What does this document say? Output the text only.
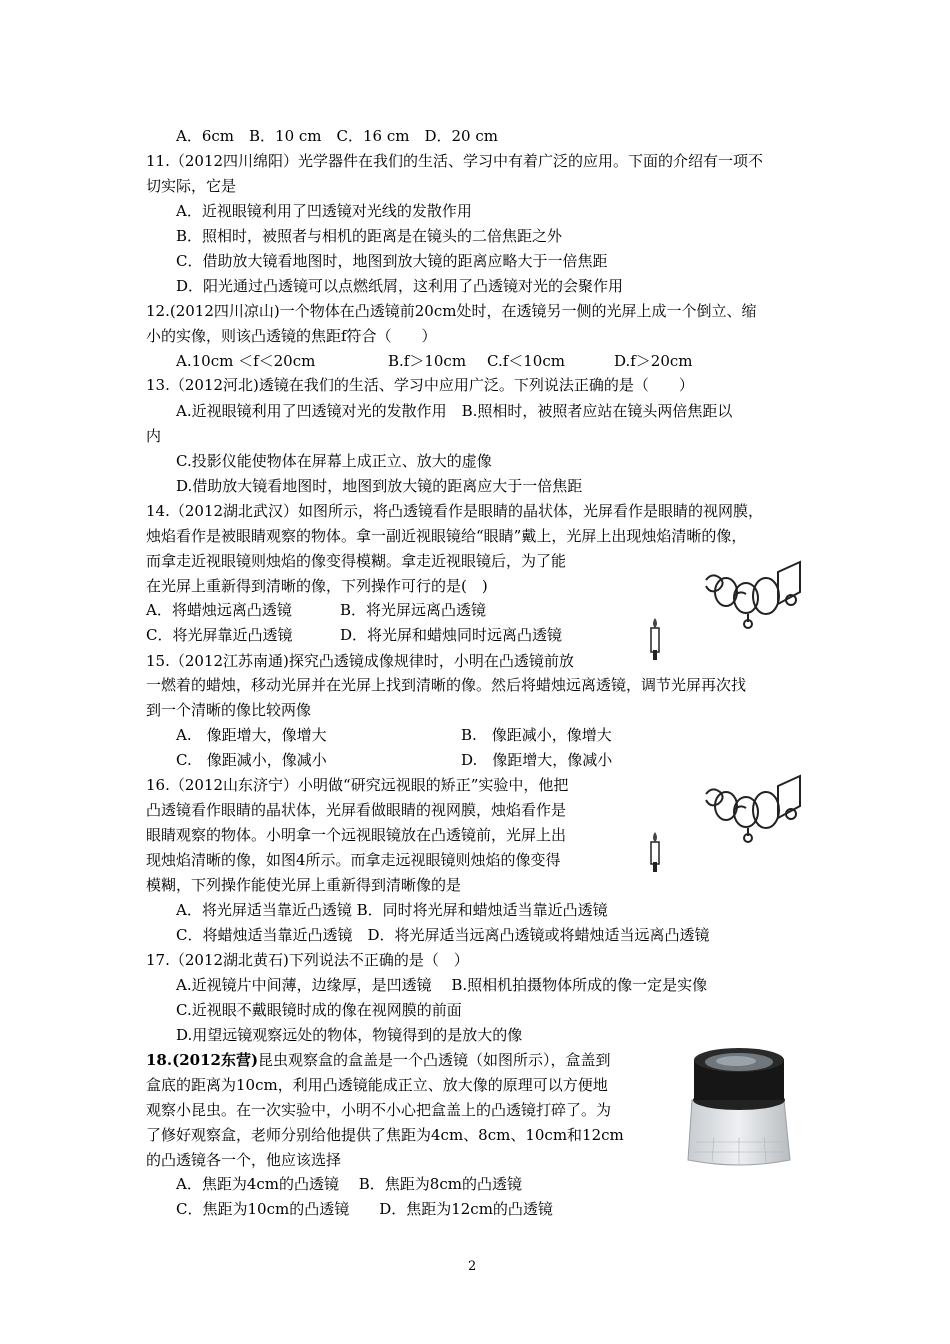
A．6cm　B．10 cm　C．16 cm　D．20 cm
11.（2012四川绵阳）光学器件在我们的生活、学习中有着广泛的应用。下面的介绍有一项不
切实际，它是
A．近视眼镜利用了凹透镜对光线的发散作用
B．照相时，被照者与相机的距离是在镜头的二倍焦距之外
C．借助放大镜看地图时，地图到放大镜的距离应略大于一倍焦距
D．阳光通过凸透镜可以点燃纸屑，这利用了凸透镜对光的会聚作用
12.(2012四川凉山)一个物体在凸透镜前20cm处时，在透镜另一侧的光屏上成一个倒立、缩
小的实像，则该凸透镜的焦距f符合（　　）
A.10cm ＜f＜20cm	B.f＞10cm C.f＜10cm	D.f＞20cm
13.（2012河北)透镜在我们的生活、学习中应用广泛。下列说法正确的是（　　）
A.近视眼镜利用了凹透镜对光的发散作用　B.照相时，被照者应站在镜头两倍焦距以
内
C.投影仪能使物体在屏幕上成正立、放大的虚像
D.借助放大镜看地图时，地图到放大镜的距离应大于一倍焦距
14.（2012湖北武汉）如图所示，将凸透镜看作是眼睛的晶状体，光屏看作是眼睛的视网膜，
烛焰看作是被眼睛观察的物体。拿一副近视眼镜给“眼睛”戴上，光屏上出现烛焰清晰的像，
而拿走近视眼镜则烛焰的像变得模糊。拿走近视眼镜后，为了能
在光屏上重新得到清晰的像，下列操作可行的是(　)
A．将蜡烛远离凸透镜	B．将光屏远离凸透镜
C．将光屏靠近凸透镜	D．将光屏和蜡烛同时远离凸透镜
15.（2012江苏南通)探究凸透镜成像规律时，小明在凸透镜前放
一燃着的蜡烛，移动光屏并在光屏上找到清晰的像。然后将蜡烛远离透镜，调节光屏再次找
到一个清晰的像比较两像
A.　像距增大，像增大	B.　像距减小，像增大
C.　像距减小，像减小	D.　像距增大，像减小
16.（2012山东济宁）小明做“研究远视眼的矫正”实验中，他把
凸透镜看作眼睛的晶状体，光屏看做眼睛的视网膜，烛焰看作是
眼睛观察的物体。小明拿一个远视眼镜放在凸透镜前，光屏上出
现烛焰清晰的像，如图4所示。而拿走远视眼镜则烛焰的像变得
模糊，下列操作能使光屏上重新得到清晰像的是
A．将光屏适当靠近凸透镜 B．同时将光屏和蜡烛适当靠近凸透镜
C．将蜡烛适当靠近凸透镜　D．将光屏适当远离凸透镜或将蜡烛适当远离凸透镜
17.（2012湖北黄石)下列说法不正确的是（　）
A.近视镜片中间薄，边缘厚，是凹透镜　 B.照相机拍摄物体所成的像一定是实像
C.近视眼不戴眼镜时成的像在视网膜的前面
D.用望远镜观察远处的物体，物镜得到的是放大的像
18.(2012东营)昆虫观察盒的盒盖是一个凸透镜（如图所示），盒盖到
盒底的距离为10cm，利用凸透镜能成正立、放大像的原理可以方便地
观察小昆虫。在一次实验中，小明不小心把盒盖上的凸透镜打碎了。为
了修好观察盒，老师分别给他提供了焦距为4cm、8cm、10cm和12cm
的凸透镜各一个，他应该选择
A．焦距为4cm的凸透镜　 B．焦距为8cm的凸透镜
C．焦距为10cm的凸透镜　　D．焦距为12cm的凸透镜
2
